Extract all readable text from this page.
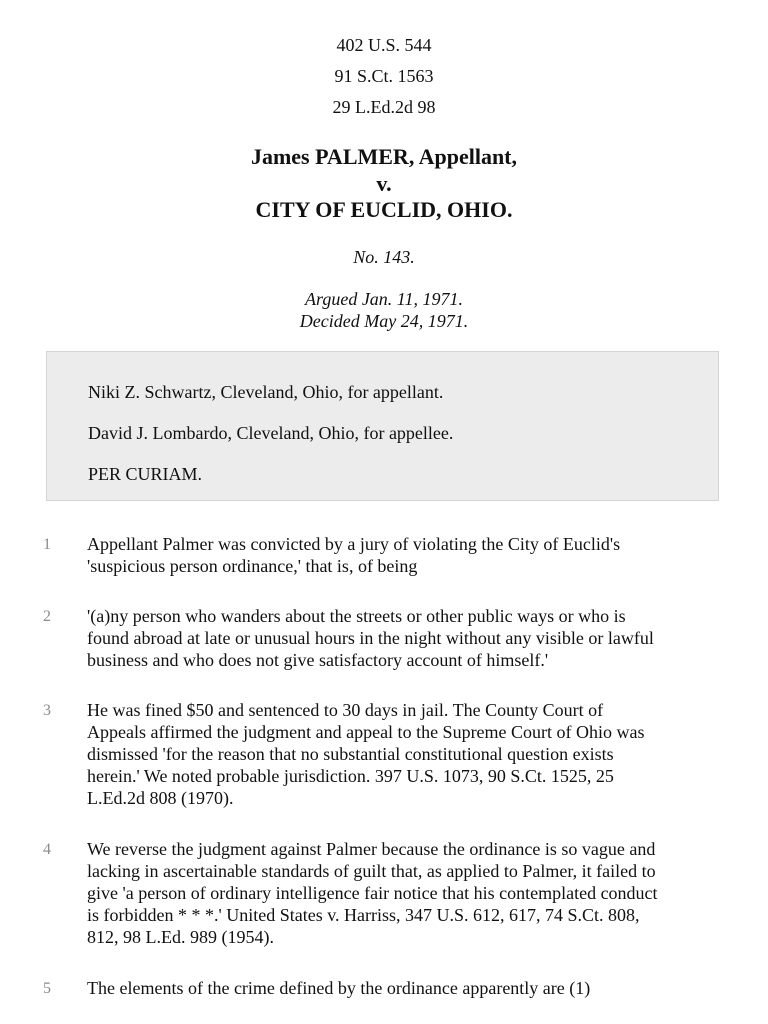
402 U.S. 544
91 S.Ct. 1563
29 L.Ed.2d 98
James PALMER, Appellant,
v.
CITY OF EUCLID, OHIO.
No. 143.
Argued Jan. 11, 1971.
Decided May 24, 1971.

Niki Z. Schwartz, Cleveland, Ohio, for appellant.

David J. Lombardo, Cleveland, Ohio, for appellee.

PER CURIAM.

1	Appellant Palmer was convicted by a jury of violating the City of Euclid's
'suspicious person ordinance,' that is, of being

2	'(a)ny person who wanders about the streets or other public ways or who is
found abroad at late or unusual hours in the night without any visible or lawful
business and who does not give satisfactory account of himself.'

3	He was fined $50 and sentenced to 30 days in jail. The County Court of
Appeals affirmed the judgment and appeal to the Supreme Court of Ohio was
dismissed 'for the reason that no substantial constitutional question exists
herein.' We noted probable jurisdiction. 397 U.S. 1073, 90 S.Ct. 1525, 25
L.Ed.2d 808 (1970).

4	We reverse the judgment against Palmer because the ordinance is so vague and
lacking in ascertainable standards of guilt that, as applied to Palmer, it failed to
give 'a person of ordinary intelligence fair notice that his contemplated conduct
is forbidden * * *.' United States v. Harriss, 347 U.S. 612, 617, 74 S.Ct. 808,
812, 98 L.Ed. 989 (1954).

5	The elements of the crime defined by the ordinance apparently are (1)
